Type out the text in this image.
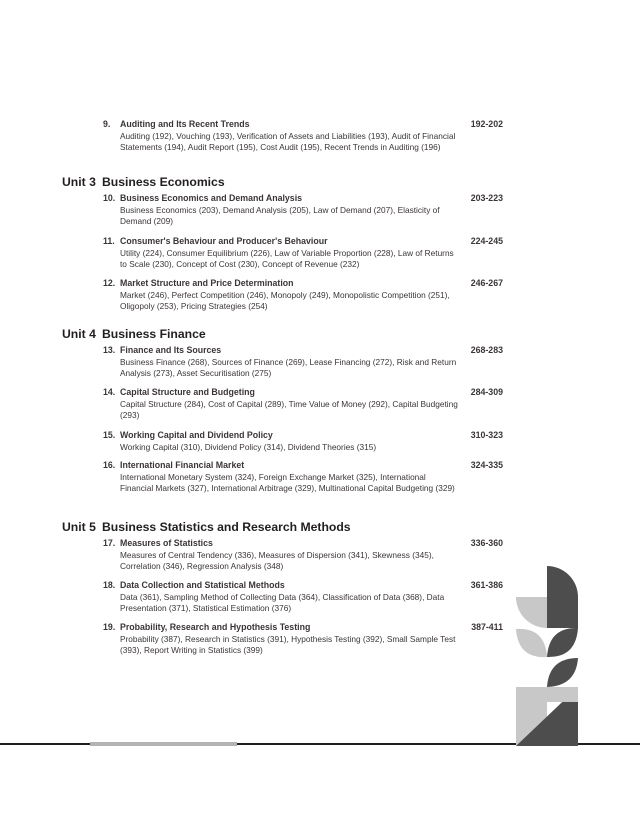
9. Auditing and Its Recent Trends	192-202
Auditing (192), Vouching (193), Verification of Assets and Liabilities (193), Audit of Financial Statements (194), Audit Report (195), Cost Audit (195), Recent Trends in Auditing (196)
Unit 3 Business Economics
10. Business Economics and Demand Analysis	203-223
Business Economics (203), Demand Analysis (205), Law of Demand (207), Elasticity of Demand (209)
11. Consumer's Behaviour and Producer's Behaviour	224-245
Utility (224), Consumer Equilibrium (226), Law of Variable Proportion (228), Law of Returns to Scale (230), Concept of Cost (230), Concept of Revenue (232)
12. Market Structure and Price Determination	246-267
Market (246), Perfect Competition (246), Monopoly (249), Monopolistic Competition (251), Oligopoly (253), Pricing Strategies (254)
Unit 4 Business Finance
13. Finance and Its Sources	268-283
Business Finance (268), Sources of Finance (269), Lease Financing (272), Risk and Return Analysis (273), Asset Securitisation (275)
14. Capital Structure and Budgeting	284-309
Capital Structure (284), Cost of Capital (289), Time Value of Money (292), Capital Budgeting (293)
15. Working Capital and Dividend Policy	310-323
Working Capital (310), Dividend Policy (314), Dividend Theories (315)
16. International Financial Market	324-335
International Monetary System (324), Foreign Exchange Market (325), International Financial Markets (327), International Arbitrage (329), Multinational Capital Budgeting (329)
Unit 5 Business Statistics and Research Methods
17. Measures of Statistics	336-360
Measures of Central Tendency (336), Measures of Dispersion (341), Skewness (345), Correlation (346), Regression Analysis (348)
18. Data Collection and Statistical Methods	361-386
Data (361), Sampling Method of Collecting Data (364), Classification of Data (368), Data Presentation (371), Statistical Estimation (376)
19. Probability, Research and Hypothesis Testing	387-411
Probability (387), Research in Statistics (391), Hypothesis Testing (392), Small Sample Test (393), Report Writing in Statistics (399)
